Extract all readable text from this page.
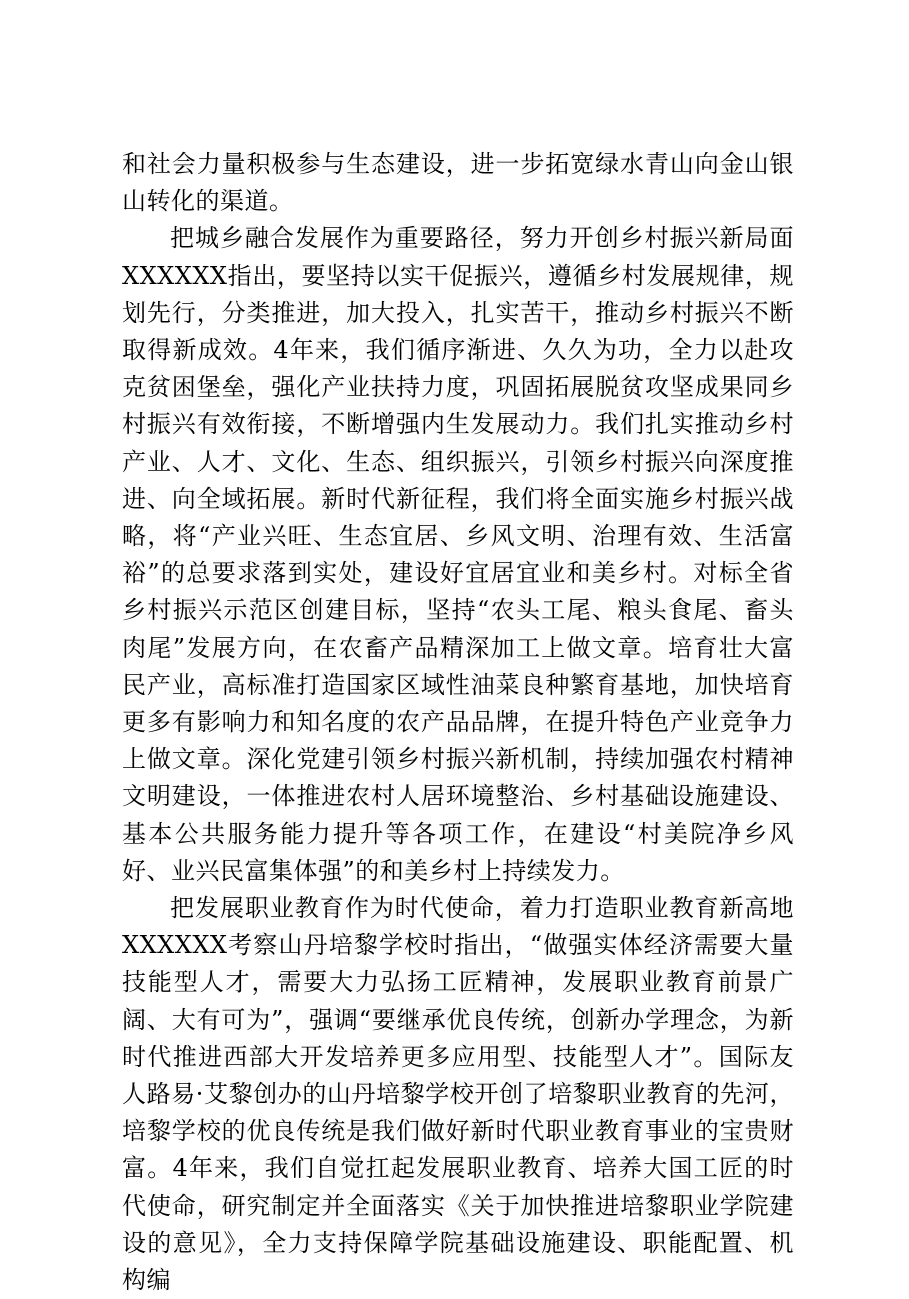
和社会力量积极参与生态建设，进一步拓宽绿水青山向金山银山转化的渠道。

把城乡融合发展作为重要路径，努力开创乡村振兴新局面XXXXXX指出，要坚持以实干促振兴，遵循乡村发展规律，规划先行，分类推进，加大投入，扎实苦干，推动乡村振兴不断取得新成效。4年来，我们循序渐进、久久为功，全力以赴攻克贫困堡垒，强化产业扶持力度，巩固拓展脱贫攻坚成果同乡村振兴有效衔接，不断增强内生发展动力。我们扎实推动乡村产业、人才、文化、生态、组织振兴，引领乡村振兴向深度推进、向全域拓展。新时代新征程，我们将全面实施乡村振兴战略，将“产业兴旺、生态宜居、乡风文明、治理有效、生活富裕”的总要求落到实处，建设好宜居宜业和美乡村。对标全省乡村振兴示范区创建目标，坚持“农头工尾、粮头食尾、畜头肉尾”发展方向，在农畜产品精深加工上做文章。培育壮大富民产业，高标准打造国家区域性油菜良种繁育基地，加快培育更多有影响力和知名度的农产品品牌，在提升特色产业竞争力上做文章。深化党建引领乡村振兴新机制，持续加强农村精神文明建设，一体推进农村人居环境整治、乡村基础设施建设、基本公共服务能力提升等各项工作，在建设“村美院净乡风好、业兴民富集体强”的和美乡村上持续发力。

把发展职业教育作为时代使命，着力打造职业教育新高地XXXXXX考察山丹培黎学校时指出，“做强实体经济需要大量技能型人才，需要大力弘扬工匠精神，发展职业教育前景广阔、大有可为”，强调“要继承优良传统，创新办学理念，为新时代推进西部大开发培养更多应用型、技能型人才”。国际友人路易·艾黎创办的山丹培黎学校开创了培黎职业教育的先河，培黎学校的优良传统是我们做好新时代职业教育事业的宝贵财富。4年来，我们自觉扛起发展职业教育、培养大国工匠的时代使命，研究制定并全面落实《关于加快推进培黎职业学院建设的意见》，全力支持保障学院基础设施建设、职能配置、机构编
